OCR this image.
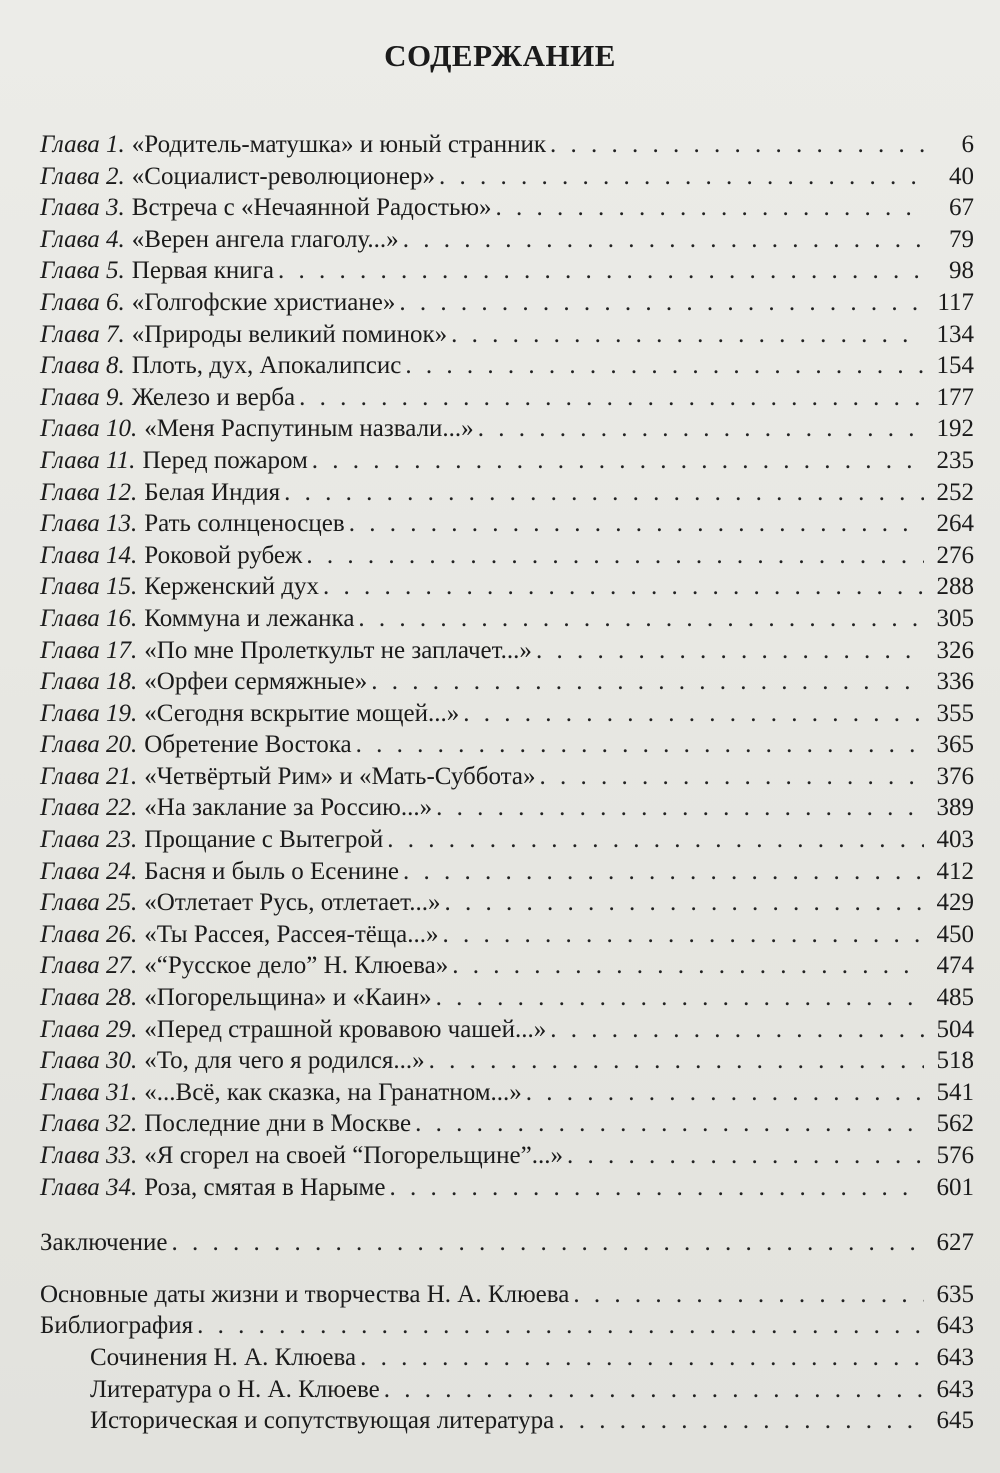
СОДЕРЖАНИЕ
Глава 1. «Родитель-матушка» и юный странник . . .	6
Глава 2. «Социалист-революционер» . . .	40
Глава 3. Встреча с «Нечаянной Радостью» . . .	67
Глава 4. «Верен ангела глаголу...» . . .	79
Глава 5. Первая книга . . .	98
Глава 6. «Голгофские христиане» . . .	117
Глава 7. «Природы великий поминок» . . .	134
Глава 8. Плоть, дух, Апокалипсис . . .	154
Глава 9. Железо и верба . . .	177
Глава 10. «Меня Распутиным назвали...» . . .	192
Глава 11. Перед пожаром . . .	235
Глава 12. Белая Индия . . .	252
Глава 13. Рать солнценосцев . . .	264
Глава 14. Роковой рубеж . . .	276
Глава 15. Керженский дух . . .	288
Глава 16. Коммуна и лежанка . . .	305
Глава 17. «По мне Пролеткульт не заплачет...» . . .	326
Глава 18. «Орфеи сермяжные» . . .	336
Глава 19. «Сегодня вскрытие мощей...» . . .	355
Глава 20. Обретение Востока . . .	365
Глава 21. «Четвёртый Рим» и «Мать-Суббота» . . .	376
Глава 22. «На заклание за Россию...» . . .	389
Глава 23. Прощание с Вытегрой . . .	403
Глава 24. Басня и быль о Есенине . . .	412
Глава 25. «Отлетает Русь, отлетает...» . . .	429
Глава 26. «Ты Рассея, Рассея-тёща...» . . .	450
Глава 27. «“Русское дело” Н. Клюева» . . .	474
Глава 28. «Погорельщина» и «Каин» . . .	485
Глава 29. «Перед страшной кровавою чашей...» . . .	504
Глава 30. «То, для чего я родился...» . . .	518
Глава 31. «...Всё, как сказка, на Гранатном...» . . .	541
Глава 32. Последние дни в Москве . . .	562
Глава 33. «Я сгорел на своей “Погорельщине”...» . . .	576
Глава 34. Роза, смятая в Нарыме . . .	601
Заключение . . .	627
Основные даты жизни и творчества Н. А. Клюева . . .	635
Библиография . . .	643
Сочинения Н. А. Клюева . . .	643
Литература о Н. А. Клюеве . . .	643
Историческая и сопутствующая литература . . .	645
